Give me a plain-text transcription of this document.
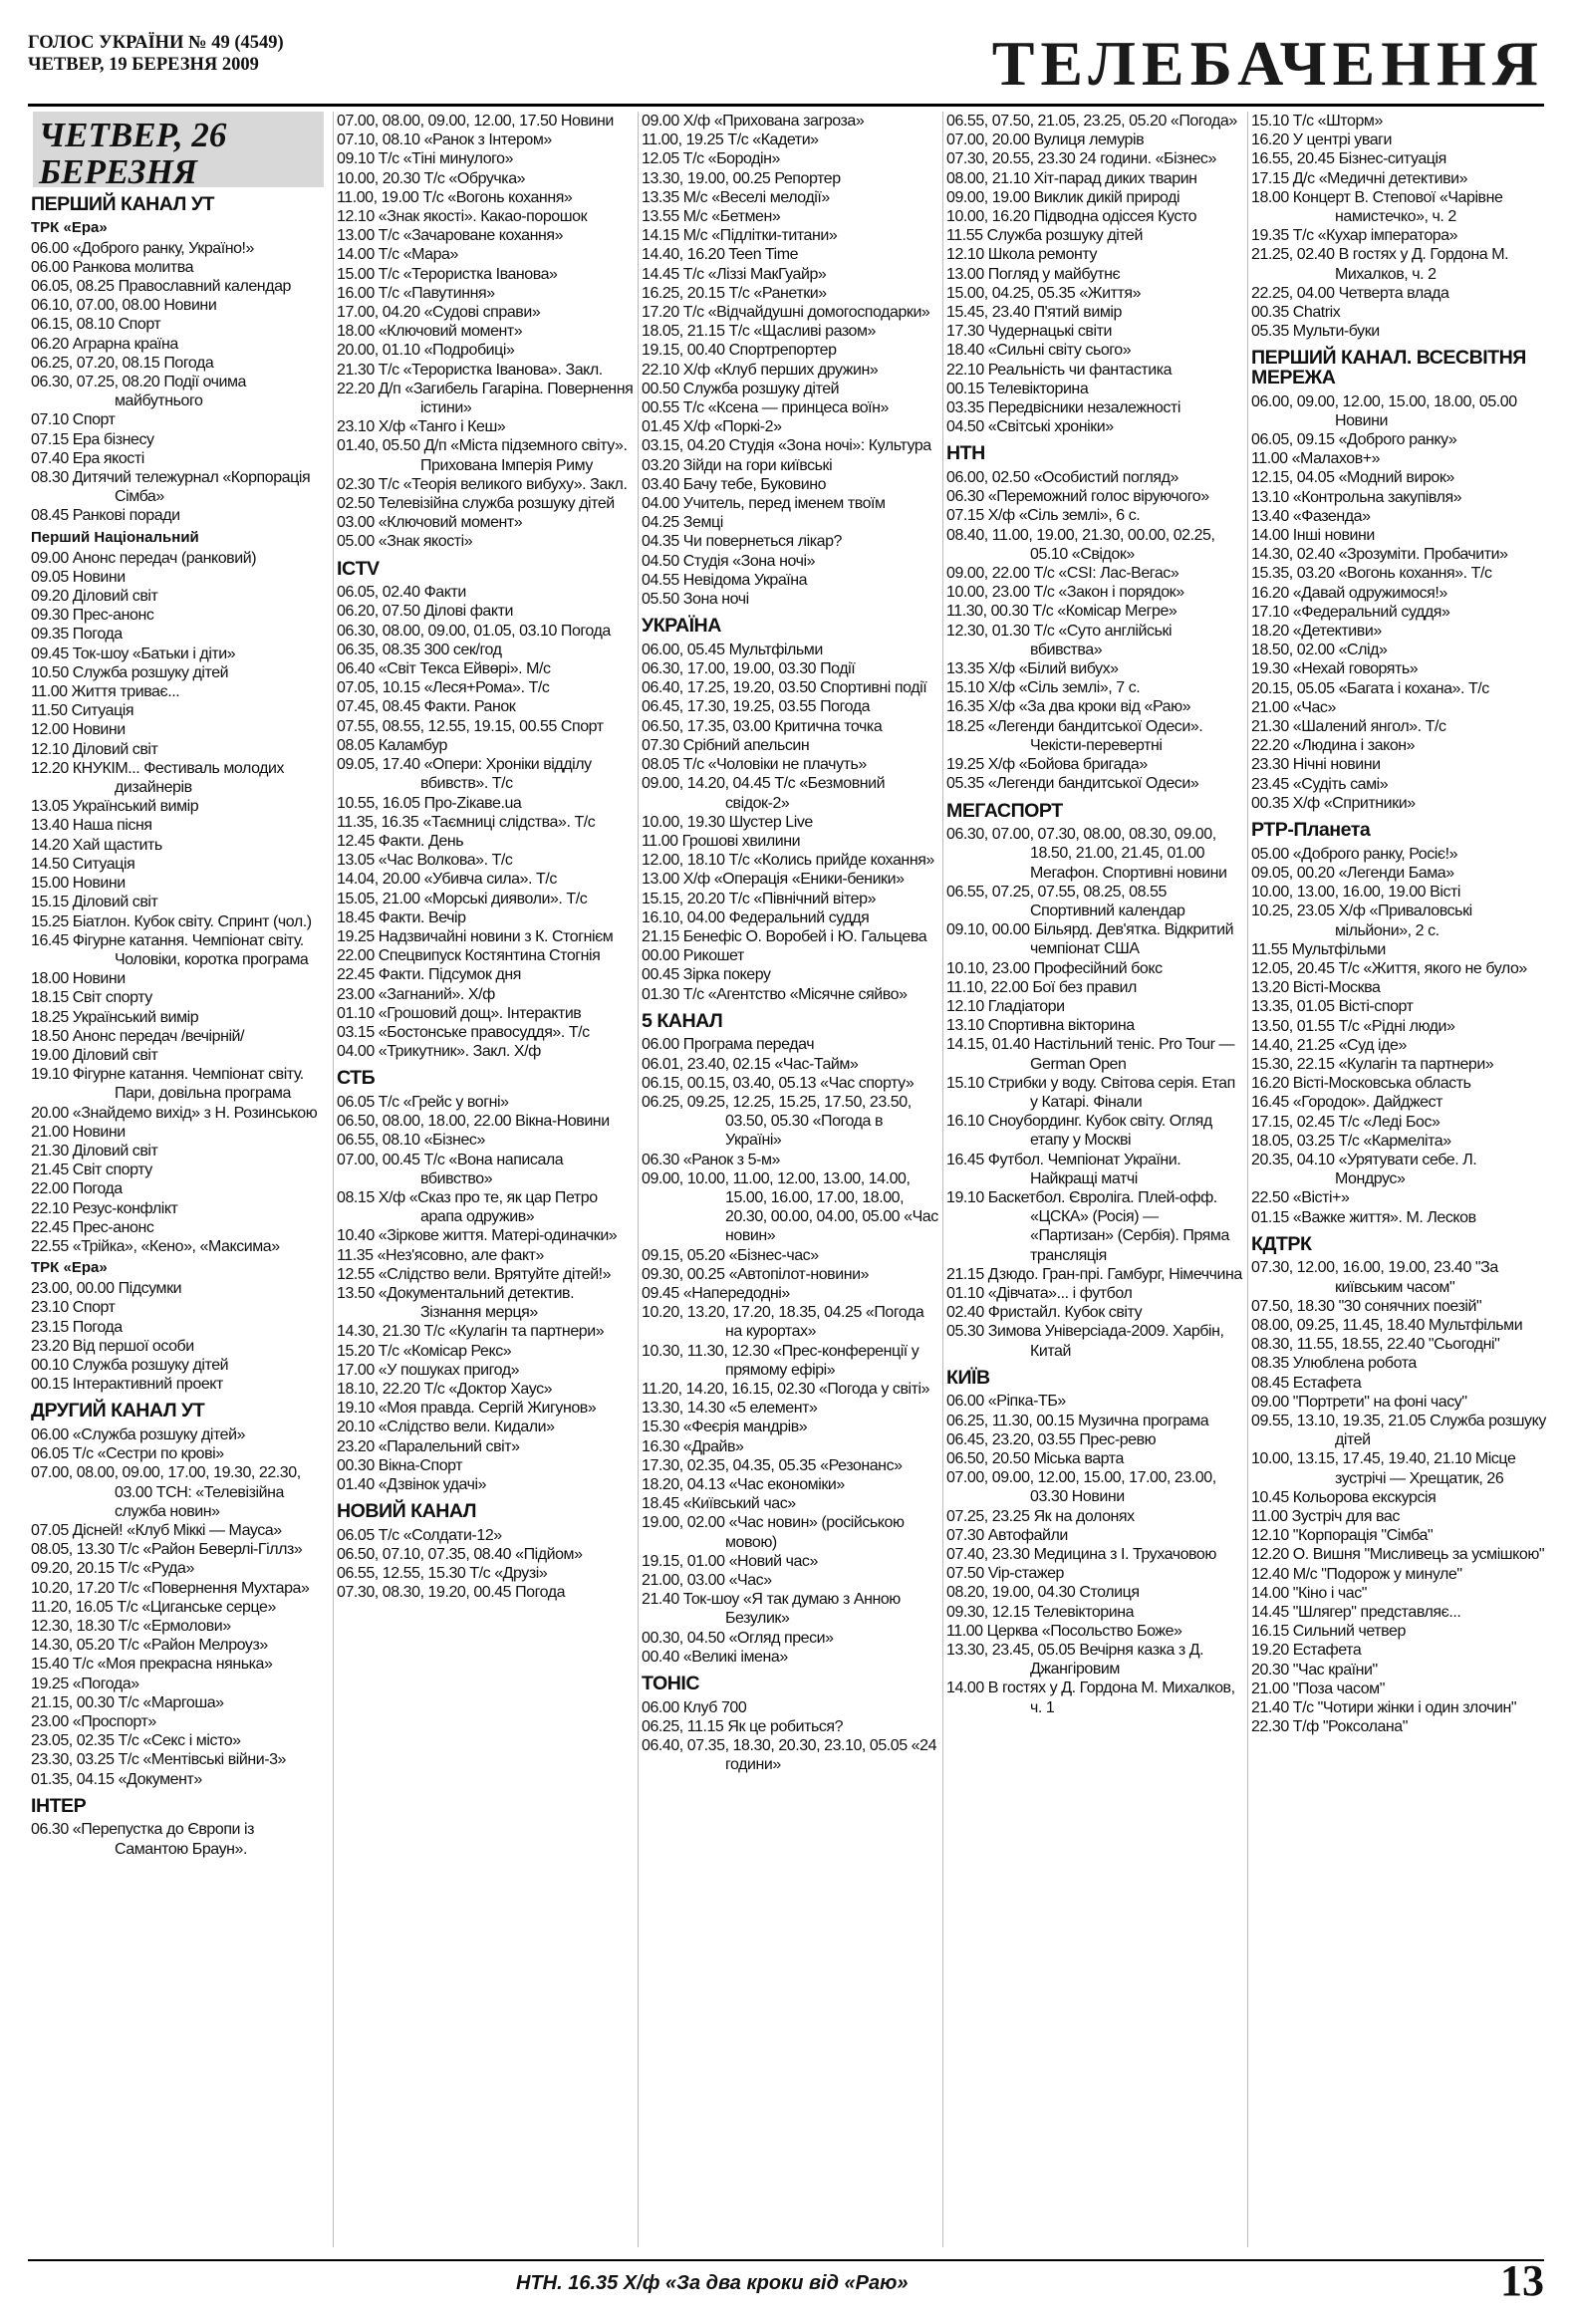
ГОЛОС УКРАЇНИ № 49 (4549)
ЧЕТВЕР, 19 БЕРЕЗНЯ 2009	ТЕЛЕБАЧЕННЯ
ЧЕТВЕР, 26 БЕРЕЗНЯ
ПЕРШИЙ КАНАЛ УТ
ТРК «Ера»
06.00 «Доброго ранку, Україно!»
06.00 Ранкова молитва
06.05, 08.25 Православний календар
06.10, 07.00, 08.00 Новини
06.15, 08.10 Спорт
06.20 Аграрна країна
06.25, 07.20, 08.15 Погода
06.30, 07.25, 08.20 Події очима майбутнього
07.10 Спорт
07.15 Ера бізнесу
07.40 Ера якості
08.30 Дитячий тележурнал «Корпорація Сімба»
08.45 Ранкові поради
Перший Національний
09.00 Анонс передач (ранковий)
09.05 Новини
09.20 Діловий світ
09.30 Прес-анонс
09.35 Погода
09.45 Ток-шоу «Батьки і діти»
10.50 Служба розшуку дітей
11.00 Життя триває...
11.50 Ситуація
12.00 Новини
12.10 Діловий світ
12.20 КНУКІМ... Фестиваль молодих дизайнерів
13.05 Український вимір
13.40 Наша пісня
14.20 Хай щастить
14.50 Ситуація
15.00 Новини
15.15 Діловий світ
15.25 Біатлон. Кубок світу. Спринт (чол.)
16.45 Фігурне катання. Чемпіонат світу. Чоловіки, коротка програма
18.00 Новини
18.15 Світ спорту
18.25 Український вимір
18.50 Анонс передач /вечірній/
19.00 Діловий світ
19.10 Фігурне катання. Чемпіонат світу. Пари, довільна програма
20.00 «Знайдемо вихід» з Н. Розинською
21.00 Новини
21.30 Діловий світ
21.45 Світ спорту
22.00 Погода
22.10 Резус-конфлікт
22.45 Прес-анонс
22.55 «Трійка», «Кено», «Максима»
ТРК «Ера»
23.00, 00.00 Підсумки
23.10 Спорт
23.15 Погода
23.20 Від першої особи
00.10 Служба розшуку дітей
00.15 Інтерактивний проект
ДРУГИЙ КАНАЛ УТ
06.00 «Служба розшуку дітей»
06.05 Т/с «Сестри по крові»
07.00, 08.00, 09.00, 17.00, 19.30, 22.30, 03.00 ТСН: «Телевізійна служба новин»
07.05 Дісней! «Клуб Міккі — Мауса»
08.05, 13.30 Т/с «Район Беверлі-Гіллз»
09.20, 20.15 Т/с «Руда»
10.20, 17.20 Т/с «Повернення Мухтара»
11.20, 16.05 Т/с «Циганське серце»
12.30, 18.30 Т/с «Ермолови»
14.30, 05.20 Т/с «Район Мелроуз»
15.40 Т/с «Моя прекрасна нянька»
19.25 «Погода»
21.15, 00.30 Т/с «Маргоша»
23.00 «Проспорт»
23.05, 02.35 Т/с «Секс і місто»
23.30, 03.25 Т/с «Ментівські війни-3»
01.35, 04.15 «Документ»
ІНТЕР
06.30 «Перепустка до Європи із Самантою Браун».
07.00, 08.00, 09.00, 12.00, 17.50 Новини
07.10, 08.10 «Ранок з Інтером»
09.10 Т/с «Тіні минулого»
10.00, 20.30 Т/с «Обручка»
11.00, 19.00 Т/с «Вогонь кохання»
12.10 «Знак якості». Какао-порошок
13.00 Т/с «Зачароване кохання»
14.00 Т/с «Мара»
15.00 Т/с «Терористка Іванова»
16.00 Т/с «Павутиння»
17.00, 04.20 «Судові справи»
18.00 «Ключовий момент»
20.00, 01.10 «Подробиці»
21.30 Т/с «Терористка Іванова». Закл.
22.20 Д/п «Загибель Гагаріна. Повернення істини»
23.10 Х/ф «Танго і Кеш»
01.40, 05.50 Д/п «Міста підземного світу». Прихована Імперія Риму
02.30 Т/с «Теорія великого вибуху». Закл.
02.50 Телевізійна служба розшуку дітей
03.00 «Ключовий момент»
05.00 «Знак якості»
ICTV
06.05, 02.40 Факти
06.20, 07.50 Ділові факти
06.30, 08.00, 09.00, 01.05, 03.10 Погода
06.35, 08.35 300 сек/год
06.40 «Світ Текса Ейвөрі». М/с
07.05, 10.15 «Леся+Рома». Т/с
07.45, 08.45 Факти. Ранок
07.55, 08.55, 12.55, 19.15, 00.55 Спорт
08.05 Каламбур
09.05, 17.40 «Опери: Хроніки відділу вбивств». Т/с
10.55, 16.05 Про-Zікаве.ua
11.35, 16.35 «Таємниці слідства». Т/с
12.45 Факти. День
13.05 «Час Волкова». Т/с
14.04, 20.00 «Убивча сила». Т/с
15.05, 21.00 «Морські дияволи». Т/с
18.45 Факти. Вечір
19.25 Надзвичайні новини з К. Стогнієм
22.00 Спецвипуск Костянтина Стогнія
22.45 Факти. Підсумок дня
23.00 «Загнаний». Х/ф
01.10 «Грошовий дощ». Інтерактив
03.15 «Бостонське правосуддя». Т/с
04.00 «Трикутник». Закл. Х/ф
СТБ
06.05 Т/с «Грейс у вогні»
06.50, 08.00, 18.00, 22.00 Вікна-Новини
06.55, 08.10 «Бізнес»
07.00, 00.45 Т/с «Вона написала вбивство»
08.15 Х/ф «Сказ про те, як цар Петро арапа одружив»
10.40 «Зіркове життя. Матері-одиначки»
11.35 «Нез'ясовно, але факт»
12.55 «Слідство вели. Врятуйте дітей!»
13.50 «Документальний детектив. Зізнання мерця»
14.30, 21.30 Т/с «Кулагін та партнери»
15.20 Т/с «Комісар Рекс»
17.00 «У пошуках пригод»
18.10, 22.20 Т/с «Доктор Хаус»
19.10 «Моя правда. Сергій Жигунов»
20.10 «Слідство вели. Кидали»
23.20 «Паралельний світ»
00.30 Вікна-Спорт
01.40 «Дзвінок удачі»
НОВИЙ КАНАЛ
06.05 Т/с «Солдати-12»
06.50, 07.10, 07.35, 08.40 «Підйом»
06.55, 12.55, 15.30 Т/с «Друзі»
07.30, 08.30, 19.20, 00.45 Погода
09.00 Х/ф «Прихована загроза»
11.00, 19.25 Т/с «Кадети»
12.05 Т/с «Бородін»
13.30, 19.00, 00.25 Репортер
13.35 М/с «Веселі мелодії»
13.55 М/с «Бетмен»
14.15 М/с «Підлітки-титани»
14.40, 16.20 Teen Time
14.45 Т/с «Ліззі МакГуайр»
16.25, 20.15 Т/с «Ранетки»
17.20 Т/с «Відчайдушні домогосподарки»
18.05, 21.15 Т/с «Щасливі разом»
19.15, 00.40 Спортрепортер
22.10 Х/ф «Клуб перших дружин»
00.50 Служба розшуку дітей
00.55 Т/с «Ксена — принцеса воїн»
01.45 Х/ф «Поркі-2»
03.15, 04.20 Студія «Зона ночі»: Культура
03.20 Зійди на гори київські
03.40 Бачу тебе, Буковино
04.00 Учитель, перед іменем твоїм
04.25 Земці
04.35 Чи повернеться лікар?
04.50 Студія «Зона ночі»
04.55 Невідома Україна
05.50 Зона ночі
УКРАЇНА
06.00, 05.45 Мультфільми
06.30, 17.00, 19.00, 03.30 Події
06.40, 17.25, 19.20, 03.50 Спортивні події
06.45, 17.30, 19.25, 03.55 Погода
06.50, 17.35, 03.00 Критична точка
07.30 Срібний апельсин
08.05 Т/с «Чоловіки не плачуть»
09.00, 14.20, 04.45 Т/с «Безмовний свідок-2»
10.00, 19.30 Шустер Live
11.00 Грошові хвилини
12.00, 18.10 Т/с «Колись прийде кохання»
13.00 Х/ф «Операція «Еники-беники»
15.15, 20.20 Т/с «Північний вітер»
16.10, 04.00 Федеральний суддя
21.15 Бенефіс О. Воробей і Ю. Гальцева
00.00 Рикошет
00.45 Зірка покеру
01.30 Т/с «Агентство «Місячне сяйво»
5 КАНАЛ
06.00 Програма передач
06.01, 23.40, 02.15 «Час-Тайм»
06.15, 00.15, 03.40, 05.13 «Час спорту»
06.25, 09.25, 12.25, 15.25, 17.50, 23.50, 03.50, 05.30 «Погода в Україні»
06.30 «Ранок з 5-м»
09.00, 10.00, 11.00, 12.00, 13.00, 14.00, 15.00, 16.00, 17.00, 18.00, 20.30, 00.00, 04.00, 05.00 «Час новин»
09.15, 05.20 «Бізнес-час»
09.30, 00.25 «Автопілот-новини»
09.45 «Напередодні»
10.20, 13.20, 17.20, 18.35, 04.25 «Погода на курортах»
10.30, 11.30, 12.30 «Прес-конференції у прямому ефірі»
11.20, 14.20, 16.15, 02.30 «Погода у світі»
13.30, 14.30 «5 елемент»
15.30 «Феєрія мандрів»
16.30 «Драйв»
17.30, 02.35, 04.35, 05.35 «Резонанс»
18.20, 04.13 «Час економіки»
18.45 «Київський час»
19.00, 02.00 «Час новин» (російською мовою)
19.15, 01.00 «Новий час»
21.00, 03.00 «Час»
21.40 Ток-шоу «Я так думаю з Анною Безулик»
00.30, 04.50 «Огляд преси»
00.40 «Великі імена»
ТОНІС
06.00 Клуб 700
06.25, 11.15 Як це робиться?
06.40, 07.35, 18.30, 20.30, 23.10, 05.05 «24 години»
06.55, 07.50, 21.05, 23.25, 05.20 «Погода»
07.00, 20.00 Вулиця лемурів
07.30, 20.55, 23.30 24 години. «Бізнес»
08.00, 21.10 Хіт-парад диких тварин
09.00, 19.00 Виклик дикій природі
10.00, 16.20 Підводна одіссея Кусто
11.55 Служба розшуку дітей
12.10 Школа ремонту
13.00 Погляд у майбутнє
15.00, 04.25, 05.35 «Життя»
15.45, 23.40 П'ятий вимір
17.30 Чудернацькі світи
18.40 «Сильні світу сього»
22.10 Реальність чи фантастика
00.15 Телевікторина
03.35 Передвісники незалежності
04.50 «Світські хроніки»
НТН
06.00, 02.50 «Особистий погляд»
06.30 «Переможний голос віруючого»
07.15 Х/ф «Сіль землі», 6 с.
08.40, 11.00, 19.00, 21.30, 00.00, 02.25, 05.10 «Свідок»
09.00, 22.00 Т/с «CSI: Лас-Вегас»
10.00, 23.00 Т/с «Закон і порядок»
11.30, 00.30 Т/с «Комісар Мегре»
12.30, 01.30 Т/с «Суто англійські вбивства»
13.35 Х/ф «Білий вибух»
15.10 Х/ф «Сіль землі», 7 с.
16.35 Х/ф «За два кроки від «Раю»
18.25 «Легенди бандитської Одеси». Чекісти-перевертні
19.25 Х/ф «Бойова бригада»
05.35 «Легенди бандитської Одеси»
МЕГАСПОРТ
06.30, 07.00, 07.30, 08.00, 08.30, 09.00, 18.50, 21.00, 21.45, 01.00 Мегафон. Спортивні новини
06.55, 07.25, 07.55, 08.25, 08.55 Спортивний календар
09.10, 00.00 Більярд. Дев'ятка. Відкритий чемпіонат США
10.10, 23.00 Професійний бокс
11.10, 22.00 Бої без правил
12.10 Гладіатори
13.10 Спортивна вікторина
14.15, 01.40 Настільний теніс. Pro Tour — German Open
15.10 Стрибки у воду. Світова серія. Етап у Катарі. Фінали
16.10 Сноубординг. Кубок світу. Огляд етапу у Москві
16.45 Футбол. Чемпіонат України. Найкращі матчі
19.10 Баскетбол. Євроліга. Плей-офф. «ЦСКА» (Росія) — «Партизан» (Сербія). Пряма трансляція
21.15 Дзюдо. Гран-прі. Гамбург, Німеччина
01.10 «Дівчата»... і футбол
02.40 Фристайл. Кубок світу
05.30 Зимова Універсіада-2009. Харбін, Китай
КИЇВ
06.00 «Ріпка-ТБ»
06.25, 11.30, 00.15 Музична програма
06.45, 23.20, 03.55 Прес-ревю
06.50, 20.50 Міська варта
07.00, 09.00, 12.00, 15.00, 17.00, 23.00, 03.30 Новини
07.25, 23.25 Як на долонях
07.30 Автофайли
07.40, 23.30 Медицина з І. Трухачовою
07.50 Vip-стажер
08.20, 19.00, 04.30 Столиця
09.30, 12.15 Телевікторина
11.00 Церква «Посольство Боже»
13.30, 23.45, 05.05 Вечірня казка з Д. Джангіровим
14.00 В гостях у Д. Гордона М. Михалков, ч. 1
15.10 Т/с «Шторм»
16.20 У центрі уваги
16.55, 20.45 Бізнес-ситуація
17.15 Д/с «Медичні детективи»
18.00 Концерт В. Степової «Чарівне намистечко», ч. 2
19.35 Т/с «Кухар імператора»
21.25, 02.40 В гостях у Д. Гордона М. Михалков, ч. 2
22.25, 04.00 Четверта влада
00.35 Chatrix
05.35 Мульти-буки
ПЕРШИЙ КАНАЛ. ВСЕСВІТНЯ МЕРЕЖА
06.00, 09.00, 12.00, 15.00, 18.00, 05.00 Новини
06.05, 09.15 «Доброго ранку»
11.00 «Малахов+»
12.15, 04.05 «Модний вирок»
13.10 «Контрольна закупівля»
13.40 «Фазенда»
14.00 Інші новини
14.30, 02.40 «Зрозуміти. Пробачити»
15.35, 03.20 «Вогонь кохання». Т/с
16.20 «Давай одружимося!»
17.10 «Федеральний суддя»
18.20 «Детективи»
18.50, 02.00 «Слід»
19.30 «Нехай говорять»
20.15, 05.05 «Багата і кохана». Т/с
21.00 «Час»
21.30 «Шалений янгол». Т/с
22.20 «Людина і закон»
23.30 Нічні новини
23.45 «Судіть самі»
00.35 Х/ф «Спритники»
РТР-Планета
05.00 «Доброго ранку, Росіє!»
09.05, 00.20 «Легенди Бама»
10.00, 13.00, 16.00, 19.00 Вісті
10.25, 23.05 Х/ф «Приваловські мільйони», 2 с.
11.55 Мультфільми
12.05, 20.45 Т/с «Життя, якого не було»
13.20 Вісті-Москва
13.35, 01.05 Вісті-спорт
13.50, 01.55 Т/с «Рідні люди»
14.40, 21.25 «Суд іде»
15.30, 22.15 «Кулагін та партнери»
16.20 Вісті-Московська область
16.45 «Городок». Дайджест
17.15, 02.45 Т/с «Леді Бос»
18.05, 03.25 Т/с «Кармеліта»
20.35, 04.10 «Урятувати себе. Л. Мондрус»
22.50 «Вісті+»
01.15 «Важке життя». М. Лесков
КДТРК
07.30, 12.00, 16.00, 19.00, 23.40 "За київським часом"
07.50, 18.30 "30 сонячних поезій"
08.00, 09.25, 11.45, 18.40 Мультфільми
08.30, 11.55, 18.55, 22.40 "Сьогодні"
08.35 Улюблена робота
08.45 Естафета
09.00 "Портрети" на фоні часу"
09.55, 13.10, 19.35, 21.05 Служба розшуку дітей
10.00, 13.15, 17.45, 19.40, 21.10 Місце зустрічі — Хрещатик, 26
10.45 Кольорова екскурсія
11.00 Зустріч для вас
12.10 "Корпорація "Сімба"
12.20 О. Вишня "Мисливець за усмішкою"
12.40 М/с "Подорож у минуле"
14.00 "Кіно і час"
14.45 "Шлягер" представляє...
16.15 Сильний четвер
19.20 Естафета
20.30 "Час країни"
21.00 "Поза часом"
21.40 Т/с "Чотири жінки і один злочин"
22.30 Т/ф "Роксолана"
НТН. 16.35 Х/ф «За два кроки від «Раю»	13
